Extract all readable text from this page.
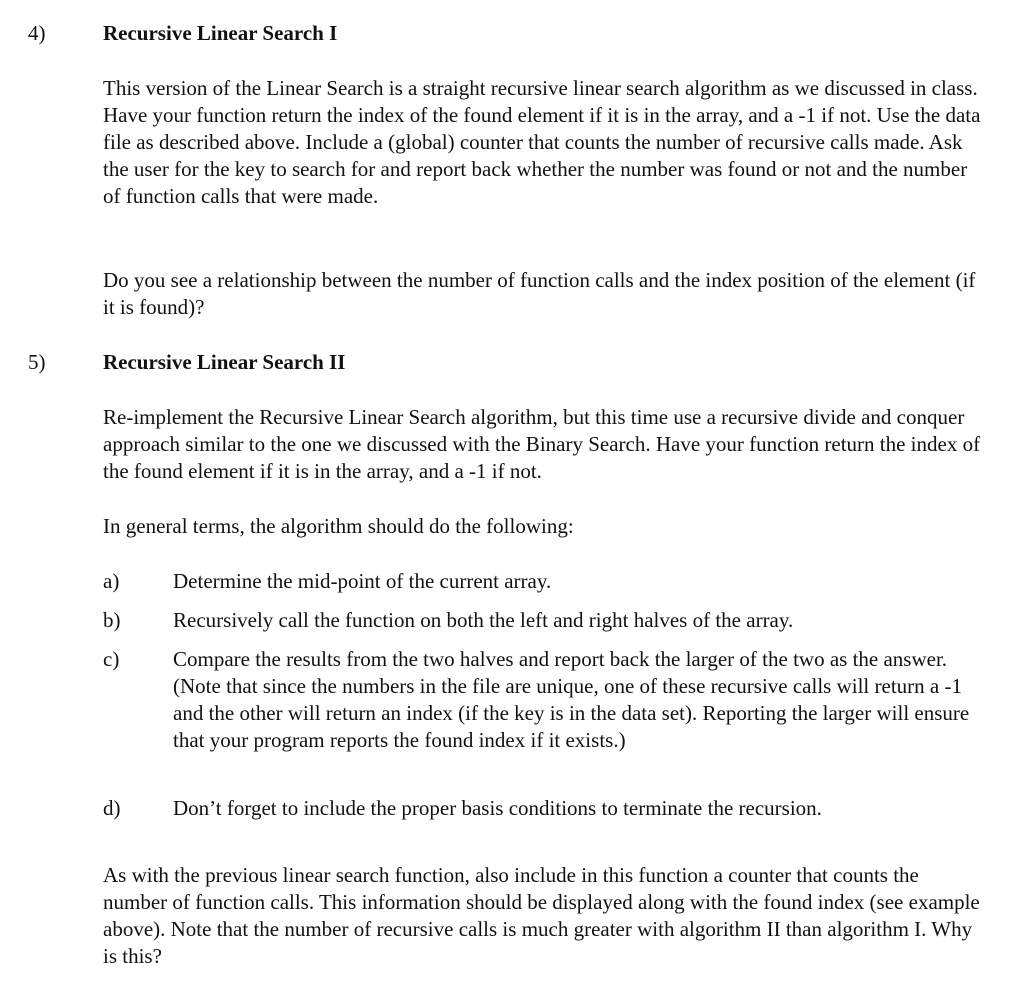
4)	Recursive Linear Search I

This version of the Linear Search is a straight recursive linear search algorithm as we discussed in class. Have your function return the index of the found element if it is in the array, and a -1 if not. Use the data file as described above. Include a (global) counter that counts the number of recursive calls made. Ask the user for the key to search for and report back whether the number was found or not and the number of function calls that were made.

Do you see a relationship between the number of function calls and the index position of the element (if it is found)?

5)	Recursive Linear Search II

Re-implement the Recursive Linear Search algorithm, but this time use a recursive divide and conquer approach similar to the one we discussed with the Binary Search. Have your function return the index of the found element if it is in the array, and a -1 if not.

In general terms, the algorithm should do the following:

a)	Determine the mid-point of the current array.

b)	Recursively call the function on both the left and right halves of the array.

c)	Compare the results from the two halves and report back the larger of the two as the answer. (Note that since the numbers in the file are unique, one of these recursive calls will return a -1 and the other will return an index (if the key is in the data set). Reporting the larger will ensure that your program reports the found index if it exists.)

d)	Don’t forget to include the proper basis conditions to terminate the recursion.

As with the previous linear search function, also include in this function a counter that counts the number of function calls. This information should be displayed along with the found index (see example above). Note that the number of recursive calls is much greater with algorithm II than algorithm I. Why is this?
